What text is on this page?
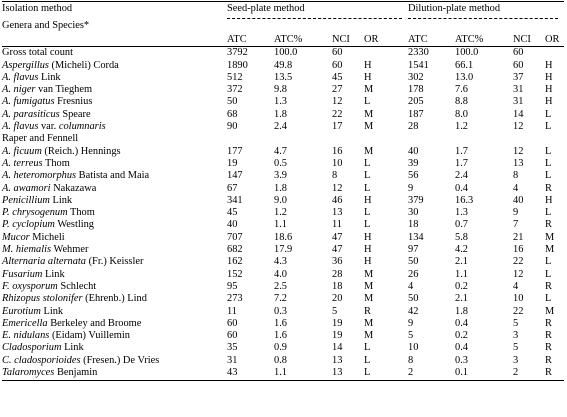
Isolation method	Seed-plate method				Dilution-plate method			

Genera and Species*								
	ATC	ATC%	NCI	OR	ATC	ATC%	NCI	OR
Gross total count	3792	100.0	60		2330	100.0	60	
Aspergillus (Micheli) Corda	1890	49.8	60	H	1541	66.1	60	H
A. flavus Link	512	13.5	45	H	302	13.0	37	H
A. niger van Tieghem	372	9.8	27	M	178	7.6	31	H
A. fumigatus Fresnius	50	1.3	12	L	205	8.8	31	H
A. parasiticus Speare	68	1.8	22	M	187	8.0	14	L
A. flavus var. columnaris	90	2.4	17	M	28	1.2	12	L
Raper and Fennell								
A. ficuum (Reich.) Hennings	177	4.7	16	M	40	1.7	12	L
A. terreus Thom	19	0.5	10	L	39	1.7	13	L
A. heteromorphus Batista and Maia	147	3.9	8	L	56	2.4	8	L
A. awamori Nakazawa	67	1.8	12	L	9	0.4	4	R
Penicillium Link	341	9.0	46	H	379	16.3	40	H
P. chrysogenum Thom	45	1.2	13	L	30	1.3	9	L
P. cyclopium Westling	40	1.1	11	L	18	0.7	7	R
Mucor Micheli	707	18.6	47	H	134	5.8	21	M
M. hiemalis Wehmer	682	17.9	47	H	97	4.2	16	M
Alternaria alternata (Fr.) Keissler	162	4.3	36	H	50	2.1	22	L
Fusarium Link	152	4.0	28	M	26	1.1	12	L
F. oxysporum Schlecht	95	2.5	18	M	4	0.2	4	R
Rhizopus stolonifer (Ehrenb.) Lind	273	7.2	20	M	50	2.1	10	L
Eurotium Link	11	0.3	5	R	42	1.8	22	M
Emericella Berkeley and Broome	60	1.6	19	M	9	0.4	5	R
E. nidulans (Eidam) Vuillemin	60	1.6	19	M	5	0.2	3	R
Cladosporium Link	35	0.9	14	L	10	0.4	5	R
C. cladosporioides (Fresen.) De Vries	31	0.8	13	L	8	0.3	3	R
Talaromyces Benjamin	43	1.1	13	L	2	0.1	2	R
